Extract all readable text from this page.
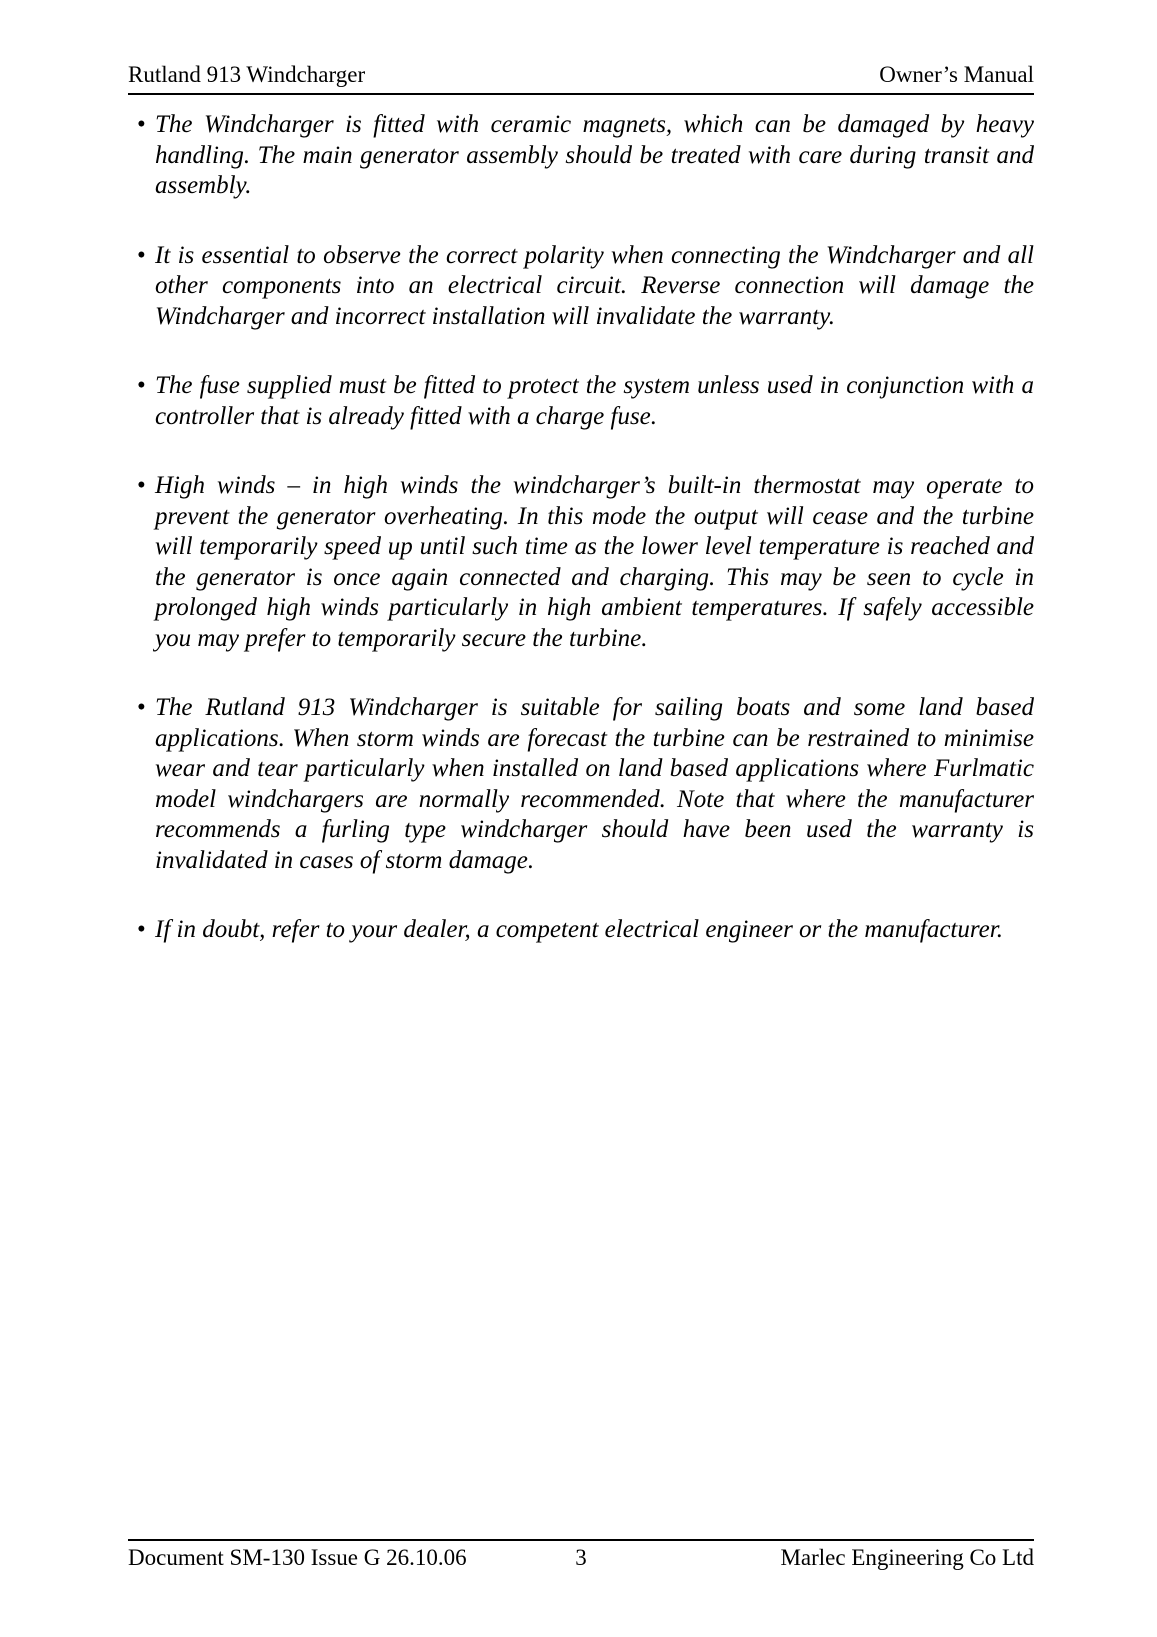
Rutland 913 Windcharger	Owner’s Manual
• The Windcharger is fitted with ceramic magnets, which can be damaged by heavy handling. The main generator assembly should be treated with care during transit and assembly.
• It is essential to observe the correct polarity when connecting the Windcharger and all other components into an electrical circuit. Reverse connection will damage the Windcharger and incorrect installation will invalidate the warranty.
• The fuse supplied must be fitted to protect the system unless used in conjunction with a controller that is already fitted with a charge fuse.
• High winds – in high winds the windcharger’s built-in thermostat may operate to prevent the generator overheating. In this mode the output will cease and the turbine will temporarily speed up until such time as the lower level temperature is reached and the generator is once again connected and charging. This may be seen to cycle in prolonged high winds particularly in high ambient temperatures. If safely accessible you may prefer to temporarily secure the turbine.
• The Rutland 913 Windcharger is suitable for sailing boats and some land based applications. When storm winds are forecast the turbine can be restrained to minimise wear and tear particularly when installed on land based applications where Furlmatic model windchargers are normally recommended. Note that where the manufacturer recommends a furling type windcharger should have been used the warranty is invalidated in cases of storm damage.
• If in doubt, refer to your dealer, a competent electrical engineer or the manufacturer.
Document SM-130 Issue G 26.10.06	3	Marlec Engineering Co Ltd
